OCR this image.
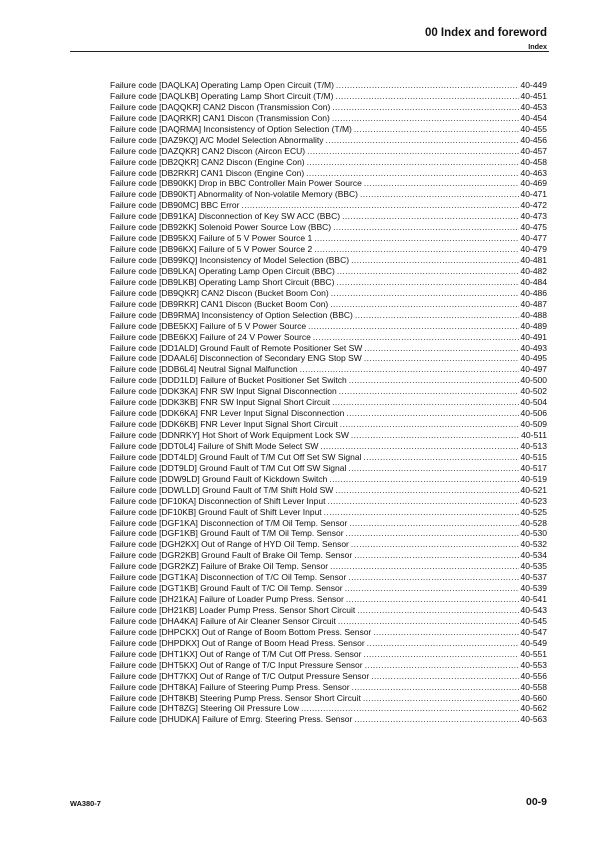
00 Index and foreword
Index
Failure code [DAQLKA] Operating Lamp Open Circuit (T/M) .....	40-449
Failure code [DAQLKB] Operating Lamp Short Circuit (T/M) .....	40-451
Failure code [DAQQKR] CAN2 Discon (Transmission Con) .....	40-453
Failure code [DAQRKR] CAN1 Discon (Transmission Con) .....	40-454
Failure code [DAQRMA] Inconsistency of Option Selection (T/M) .....	40-455
Failure code [DAZ9KQ] A/C Model Selection Abnormality .....	40-456
Failure code [DAZQKR] CAN2 Discon (Aircon ECU) .....	40-457
Failure code [DB2QKR] CAN2 Discon (Engine Con) .....	40-458
Failure code [DB2RKR] CAN1 Discon (Engine Con) .....	40-463
Failure code [DB90KK] Drop in BBC Controller Main Power Source .....	40-469
Failure code [DB90KT] Abnormality of Non-volatile Memory (BBC) .....	40-471
Failure code [DB90MC] BBC Error .....	40-472
Failure code [DB91KA] Disconnection of Key SW ACC (BBC) .....	40-473
Failure code [DB92KK] Solenoid Power Source Low (BBC) .....	40-475
Failure code [DB95KX] Failure of 5 V Power Source 1 .....	40-477
Failure code [DB96KX] Failure of 5 V Power Source 2 .....	40-479
Failure code [DB99KQ] Inconsistency of Model Selection (BBC) .....	40-481
Failure code [DB9LKA] Operating Lamp Open Circuit (BBC) .....	40-482
Failure code [DB9LKB] Operating Lamp Short Circuit (BBC) .....	40-484
Failure code [DB9QKR] CAN2 Discon (Bucket Boom Con) .....	40-486
Failure code [DB9RKR] CAN1 Discon (Bucket Boom Con) .....	40-487
Failure code [DB9RMA] Inconsistency of Option Selection (BBC) .....	40-488
Failure code [DBE5KX] Failure of 5 V Power Source .....	40-489
Failure code [DBE6KX] Failure of 24 V Power Source .....	40-491
Failure code [DD1ALD] Ground Fault of Remote Positioner Set SW .....	40-493
Failure code [DDAAL6] Disconnection of Secondary ENG Stop SW .....	40-495
Failure code [DDB6L4] Neutral Signal Malfunction .....	40-497
Failure code [DDD1LD] Failure of Bucket Positioner Set Switch .....	40-500
Failure code [DDK3KA] FNR SW Input Signal Disconnection .....	40-502
Failure code [DDK3KB] FNR SW Input Signal Short Circuit .....	40-504
Failure code [DDK6KA] FNR Lever Input Signal Disconnection .....	40-506
Failure code [DDK6KB] FNR Lever Input Signal Short Circuit .....	40-509
Failure code [DDNRKY] Hot Short of Work Equipment Lock SW .....	40-511
Failure code [DDT0L4] Failure of Shift Mode Select SW .....	40-513
Failure code [DDT4LD] Ground Fault of T/M Cut Off Set SW Signal .....	40-515
Failure code [DDT9LD] Ground Fault of T/M Cut Off SW Signal .....	40-517
Failure code [DDW9LD] Ground Fault of Kickdown Switch .....	40-519
Failure code [DDWLLD] Ground Fault of T/M Shift Hold SW .....	40-521
Failure code [DF10KA] Disconnection of Shift Lever Input .....	40-523
Failure code [DF10KB] Ground Fault of Shift Lever Input .....	40-525
Failure code [DGF1KA] Disconnection of T/M Oil Temp. Sensor .....	40-528
Failure code [DGF1KB] Ground Fault of T/M Oil Temp. Sensor .....	40-530
Failure code [DGH2KX] Out of Range of HYD Oil Temp. Sensor .....	40-532
Failure code [DGR2KB] Ground Fault of Brake Oil Temp. Sensor .....	40-534
Failure code [DGR2KZ] Failure of Brake Oil Temp. Sensor .....	40-535
Failure code [DGT1KA] Disconnection of T/C Oil Temp. Sensor .....	40-537
Failure code [DGT1KB] Ground Fault of T/C Oil Temp. Sensor .....	40-539
Failure code [DH21KA] Failure of Loader Pump Press. Sensor .....	40-541
Failure code [DH21KB] Loader Pump Press. Sensor Short Circuit .....	40-543
Failure code [DHA4KA] Failure of Air Cleaner Sensor Circuit .....	40-545
Failure code [DHPCKX] Out of Range of Boom Bottom Press. Sensor .....	40-547
Failure code [DHPDKX] Out of Range of Boom Head Press. Sensor .....	40-549
Failure code [DHT1KX] Out of Range of T/M Cut Off Press. Sensor .....	40-551
Failure code [DHT5KX] Out of Range of T/C Input Pressure Sensor .....	40-553
Failure code [DHT7KX] Out of Range of T/C Output Pressure Sensor .....	40-556
Failure code [DHT8KA] Failure of Steering Pump Press. Sensor .....	40-558
Failure code [DHT8KB] Steering Pump Press. Sensor Short Circuit .....	40-560
Failure code [DHT8ZG] Steering Oil Pressure Low .....	40-562
Failure code [DHUDKA] Failure of Emrg. Steering Press. Sensor .....	40-563
WA380-7	00-9
